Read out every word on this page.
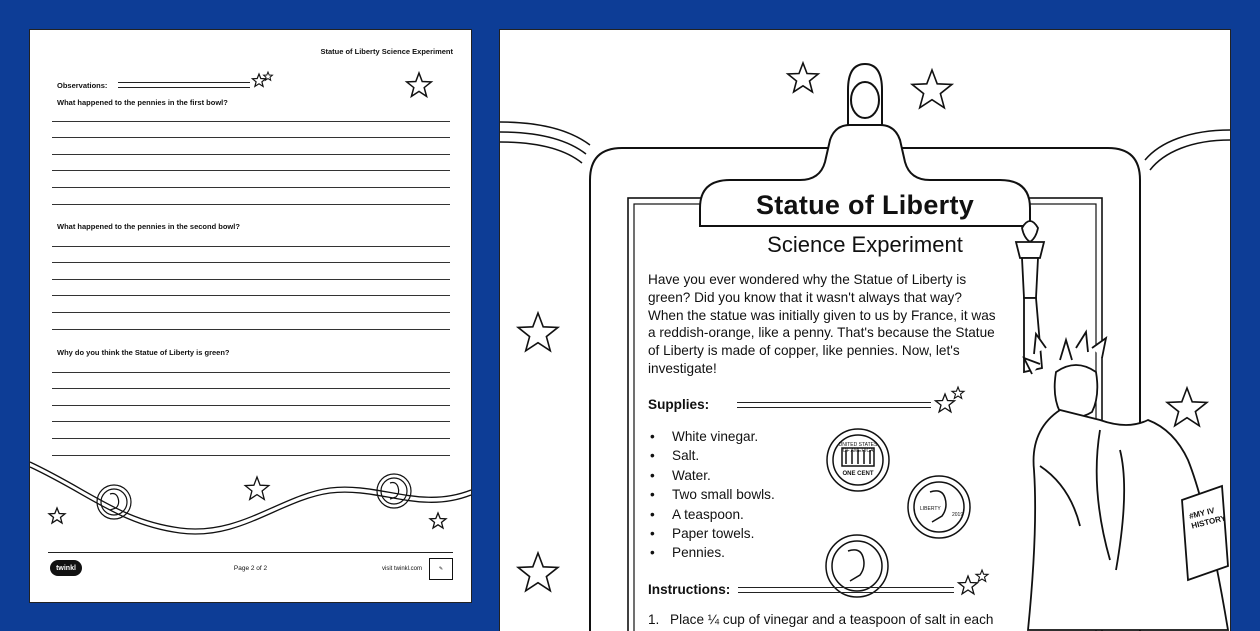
Statue of Liberty Science Experiment
Observations:
What happened to the pennies in the first bowl?
What happened to the pennies in the second bowl?
Why do you think the Statue of Liberty is green?
twinkl	Page 2 of 2	visit twinkl.com	✎
Statue of Liberty
Science Experiment
Have you ever wondered why the Statue of Liberty is green? Did you know that it wasn't always that way? When the statue was initially given to us by France, it was a reddish-orange, like a penny. That's because the Statue of Liberty is made of copper, like pennies. Now, let's investigate!
Supplies:
• White vinegar.
• Salt.
• Water.
• Two small bowls.
• A teaspoon.
• Paper towels.
• Pennies.
Instructions:
1. Place ¼ cup of vinegar and a teaspoon of salt in each
UNITED STATES OF AMERICA
ONE CENT
LIBERTY
2019	#MY IV HISTORY
